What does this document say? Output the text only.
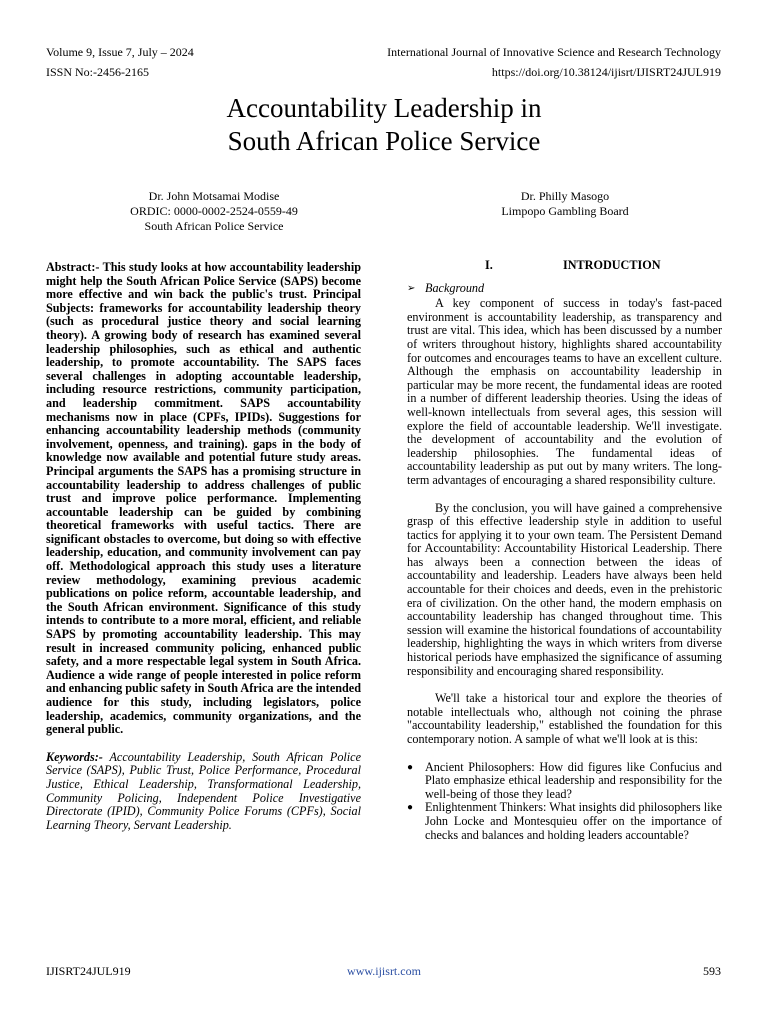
Volume 9, Issue 7, July – 2024
ISSN No:-2456-2165
International Journal of Innovative Science and Research Technology
https://doi.org/10.38124/ijisrt/IJISRT24JUL919
Accountability Leadership in
South African Police Service
Dr. John Motsamai Modise
ORDIC: 0000-0002-2524-0559-49
South African Police Service
Dr. Philly Masogo
Limpopo Gambling Board

Abstract:- This study looks at how accountability leadership might help the South African Police Service (SAPS) become more effective and win back the public's trust. Principal Subjects: frameworks for accountability leadership theory (such as procedural justice theory and social learning theory). A growing body of research has examined several leadership philosophies, such as ethical and authentic leadership, to promote accountability. The SAPS faces several challenges in adopting accountable leadership, including resource restrictions, community participation, and leadership commitment. SAPS accountability mechanisms now in place (CPFs, IPIDs). Suggestions for enhancing accountability leadership methods (community involvement, openness, and training). gaps in the body of knowledge now available and potential future study areas. Principal arguments the SAPS has a promising structure in accountability leadership to address challenges of public trust and improve police performance. Implementing accountable leadership can be guided by combining theoretical frameworks with useful tactics. There are significant obstacles to overcome, but doing so with effective leadership, education, and community involvement can pay off. Methodological approach this study uses a literature review methodology, examining previous academic publications on police reform, accountable leadership, and the South African environment. Significance of this study intends to contribute to a more moral, efficient, and reliable SAPS by promoting accountability leadership. This may result in increased community policing, enhanced public safety, and a more respectable legal system in South Africa. Audience a wide range of people interested in police reform and enhancing public safety in South Africa are the intended audience for this study, including legislators, police leadership, academics, community organizations, and the general public.

Keywords:- Accountability Leadership, South African Police Service (SAPS), Public Trust, Police Performance, Procedural Justice, Ethical Leadership, Transformational Leadership, Community Policing, Independent Police Investigative Directorate (IPID), Community Police Forums (CPFs), Social Learning Theory, Servant Leadership.

I.	INTRODUCTION
➢ Background

A key component of success in today's fast-paced environment is accountability leadership, as transparency and trust are vital. This idea, which has been discussed by a number of writers throughout history, highlights shared accountability for outcomes and encourages teams to have an excellent culture. Although the emphasis on accountability leadership in particular may be more recent, the fundamental ideas are rooted in a number of different leadership theories. Using the ideas of well-known intellectuals from several ages, this session will explore the field of accountable leadership. We'll investigate. the development of accountability and the evolution of leadership philosophies. The fundamental ideas of accountability leadership as put out by many writers. The long-term advantages of encouraging a shared responsibility culture.

By the conclusion, you will have gained a comprehensive grasp of this effective leadership style in addition to useful tactics for applying it to your own team. The Persistent Demand for Accountability: Accountability Historical Leadership. There has always been a connection between the ideas of accountability and leadership. Leaders have always been held accountable for their choices and deeds, even in the prehistoric era of civilization. On the other hand, the modern emphasis on accountability leadership has changed throughout time. This session will examine the historical foundations of accountability leadership, highlighting the ways in which writers from diverse historical periods have emphasized the significance of assuming responsibility and encouraging shared responsibility.

We'll take a historical tour and explore the theories of notable intellectuals who, although not coining the phrase "accountability leadership," established the foundation for this contemporary notion. A sample of what we'll look at is this:

● Ancient Philosophers: How did figures like Confucius and Plato emphasize ethical leadership and responsibility for the well-being of those they lead?
● Enlightenment Thinkers: What insights did philosophers like John Locke and Montesquieu offer on the importance of checks and balances and holding leaders accountable?
IJISRT24JUL919	www.ijisrt.com	593
